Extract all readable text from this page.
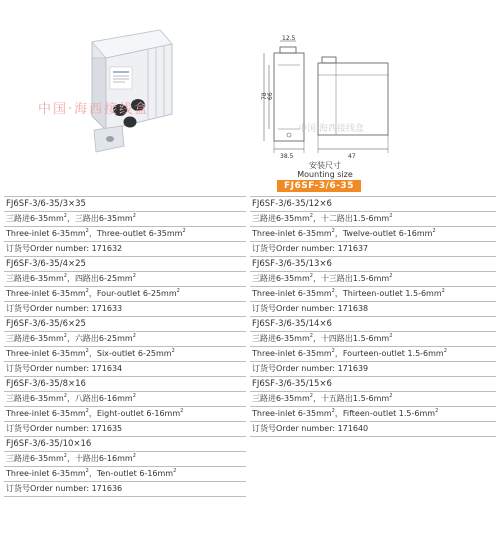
中国·海西接线盒
12.5
78 66
38.5	47
中国·海西接线盒
安装尺寸
Mounting size
FJ6SF-3/6-35
FJ6SF-3/6-35/3×35
三路进$6-35mm^2$，三路出$6-35mm^2$
Three-inlet $6-35mm^2$，Three-outlet $6-35mm^2$
订货号Order number: 171632
FJ6SF-3/6-35/4×25
三路进$6-35mm^2$，四路出$6-25mm^2$
Three-inlet $6-35mm^2$，Four-outlet $6-25mm^2$
订货号Order number: 171633
FJ6SF-3/6-35/6×25
三路进$6-35mm^2$，六路出$6-25mm^2$
Three-inlet $6-35mm^2$，Six-outlet $6-25mm^2$
订货号Order number: 171634
FJ6SF-3/6-35/8×16
三路进$6-35mm^2$，八路出$6-16mm^2$
Three-inlet $6-35mm^2$，Eight-outlet $6-16mm^2$
订货号Order number: 171635
FJ6SF-3/6-35/10×16
三路进$6-35mm^2$，十路出$6-16mm^2$
Three-inlet $6-35mm^2$，Ten-outlet $6-16mm^2$
订货号Order number: 171636
FJ6SF-3/6-35/12×6
三路进$6-35mm^2$，十二路出$1.5-6mm^2$
Three-inlet $6-35mm^2$，Twelve-outlet $6-16mm^2$
订货号Order number: 171637
FJ6SF-3/6-35/13×6
三路进$6-35mm^2$，十三路出$1.5-6mm^2$
Three-inlet $6-35mm^2$，Thirteen-outlet $1.5-6mm^2$
订货号Order number: 171638
FJ6SF-3/6-35/14×6
三路进$6-35mm^2$，十四路出$1.5-6mm^2$
Three-inlet $6-35mm^2$，Fourteen-outlet $1.5-6mm^2$
订货号Order number: 171639
FJ6SF-3/6-35/15×6
三路进$6-35mm^2$，十五路出$1.5-6mm^2$
Three-inlet $6-35mm^2$，Fifteen-outlet $1.5-6mm^2$
订货号Order number: 171640
